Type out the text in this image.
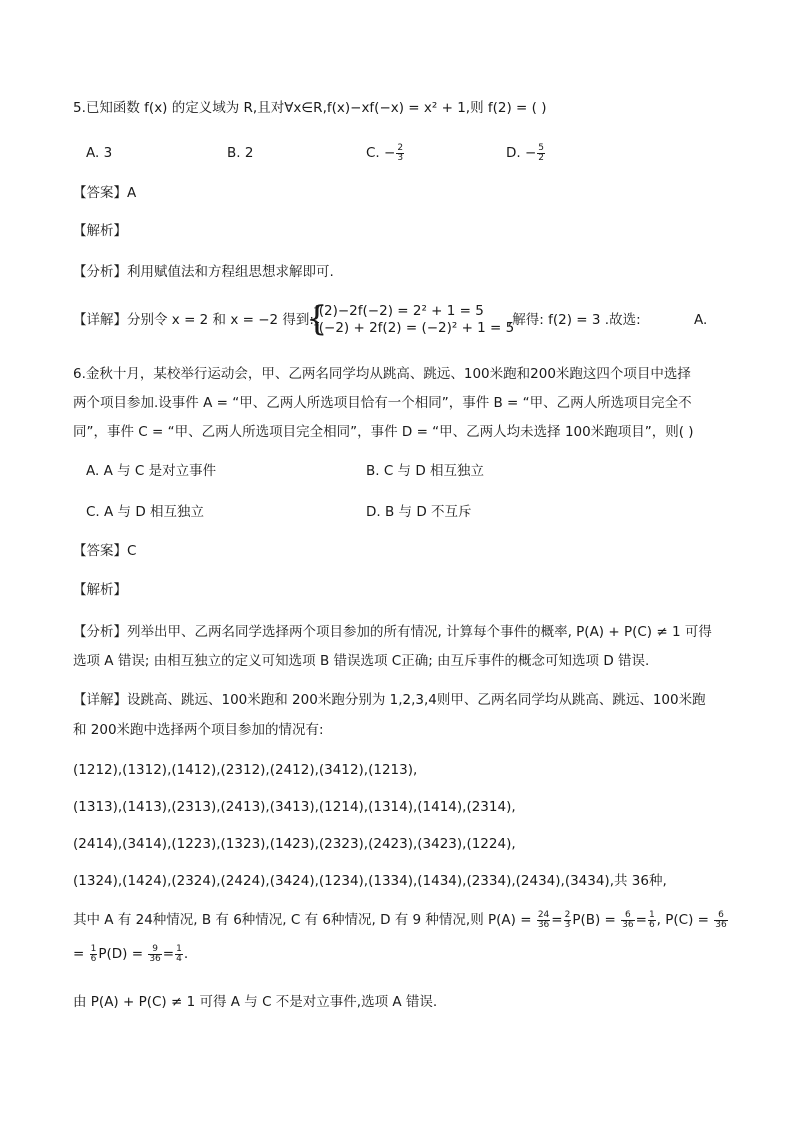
5.已知函数 f(x) 的定义域为 R,且对∀x∈R,f(x)−xf(−x) = x² + 1,则 f(2) = ( )
A. 3	B. 2	C. − $\frac{2}{3}$	D. − $\frac{5}{2}$
【答案】A
【解析】
【分析】利用赋值法和方程组思想求解即可.
【详解】分别令 x = 2 和 x = −2 得到:
{
f(2)−2f(−2) = 2² + 1 = 5
f(−2) + 2f(2) = (−2)² + 1 = 5
,解得: f(2) = 3 .故选:	A.
6.金秋十月，某校举行运动会，甲、乙两名同学均从跳高、跳远、100米跑和200米跑这四个项目中选择
两个项目参加.设事件 A = “甲、乙两人所选项目恰有一个相同”，事件 B = “甲、乙两人所选项目完全不
同”，事件 C = “甲、乙两人所选项目完全相同”，事件 D = “甲、乙两人均未选择 100米跑项目”，则( )
A. A 与 C 是对立事件	B. C 与 D 相互独立
C. A 与 D 相互独立	D. B 与 D 不互斥
【答案】C
【解析】
【分析】列举出甲、乙两名同学选择两个项目参加的所有情况, 计算每个事件的概率, P(A) + P(C) ≠ 1 可得
选项 A 错误; 由相互独立的定义可知选项 B 错误选项 C正确; 由互斥事件的概念可知选项 D 错误.
【详解】设跳高、跳远、100米跑和 200米跑分别为 1,2,3,4则甲、乙两名同学均从跳高、跳远、100米跑
和 200米跑中选择两个项目参加的情况有:
(1212),(1312),(1412),(2312),(2412),(3412),(1213),
(1313),(1413),(2313),(2413),(3413),(1214),(1314),(1414),(2314),
(2414),(3414),(1223),(1323),(1423),(2323),(2423),(3423),(1224),
(1324),(1424),(2324),(2424),(3424),(1234),(1334),(1434),(2334),(2434),(3434),共 36种,
其中 A 有 24种情况, B 有 6种情况, C 有 6种情况, D 有 9 种情况,则 $P(A) = \frac{24}{36} = \frac{2}{3} P(B) = \frac{6}{36} = \frac{1}{6}$ , $P(C) = \frac{6}{36}$
= $\frac{1}{6} P(D) = \frac{9}{36} = \frac{1}{4}$ .
由 P(A) + P(C) ≠ 1 可得 A 与 C 不是对立事件,选项 A 错误.
